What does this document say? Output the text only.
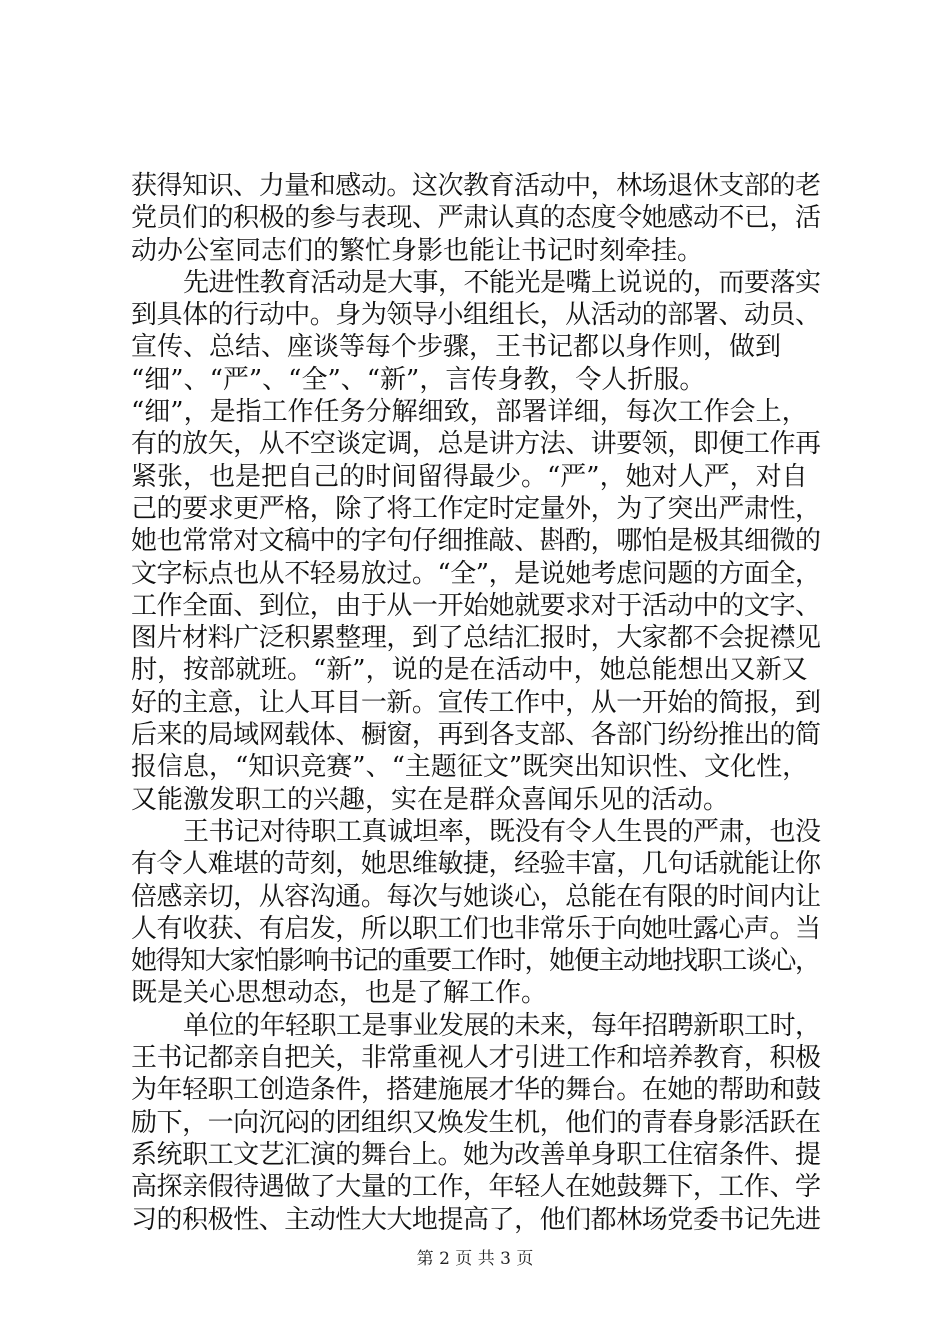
获得知识、力量和感动。这次教育活动中，林场退休支部的老
党员们的积极的参与表现、严肃认真的态度令她感动不已，活
动办公室同志们的繁忙身影也能让书记时刻牵挂。
先进性教育活动是大事，不能光是嘴上说说的，而要落实
到具体的行动中。身为领导小组组长，从活动的部署、动员、
宣传、总结、座谈等每个步骤，王书记都以身作则，做到
“细”、“严”、“全”、“新”，言传身教，令人折服。
“细”，是指工作任务分解细致，部署详细，每次工作会上，
有的放矢，从不空谈定调，总是讲方法、讲要领，即便工作再
紧张，也是把自己的时间留得最少。“严”，她对人严，对自
己的要求更严格，除了将工作定时定量外，为了突出严肃性，
她也常常对文稿中的字句仔细推敲、斟酌，哪怕是极其细微的
文字标点也从不轻易放过。“全”，是说她考虑问题的方面全，
工作全面、到位，由于从一开始她就要求对于活动中的文字、
图片材料广泛积累整理，到了总结汇报时，大家都不会捉襟见
肘，按部就班。“新”，说的是在活动中，她总能想出又新又
好的主意，让人耳目一新。宣传工作中，从一开始的简报，到
后来的局域网载体、橱窗，再到各支部、各部门纷纷推出的简
报信息，“知识竞赛”、“主题征文”既突出知识性、文化性，
又能激发职工的兴趣，实在是群众喜闻乐见的活动。
王书记对待职工真诚坦率，既没有令人生畏的严肃，也没
有令人难堪的苛刻，她思维敏捷，经验丰富，几句话就能让你
倍感亲切，从容沟通。每次与她谈心，总能在有限的时间内让
人有收获、有启发，所以职工们也非常乐于向她吐露心声。当
她得知大家怕影响书记的重要工作时，她便主动地找职工谈心，
既是关心思想动态，也是了解工作。
单位的年轻职工是事业发展的未来，每年招聘新职工时，
王书记都亲自把关，非常重视人才引进工作和培养教育，积极
为年轻职工创造条件，搭建施展才华的舞台。在她的帮助和鼓
励下，一向沉闷的团组织又焕发生机，他们的青春身影活跃在
系统职工文艺汇演的舞台上。她为改善单身职工住宿条件、提
高探亲假待遇做了大量的工作，年轻人在她鼓舞下，工作、学
习的积极性、主动性大大地提高了，他们都林场党委书记先进
第 2 页 共 3 页
